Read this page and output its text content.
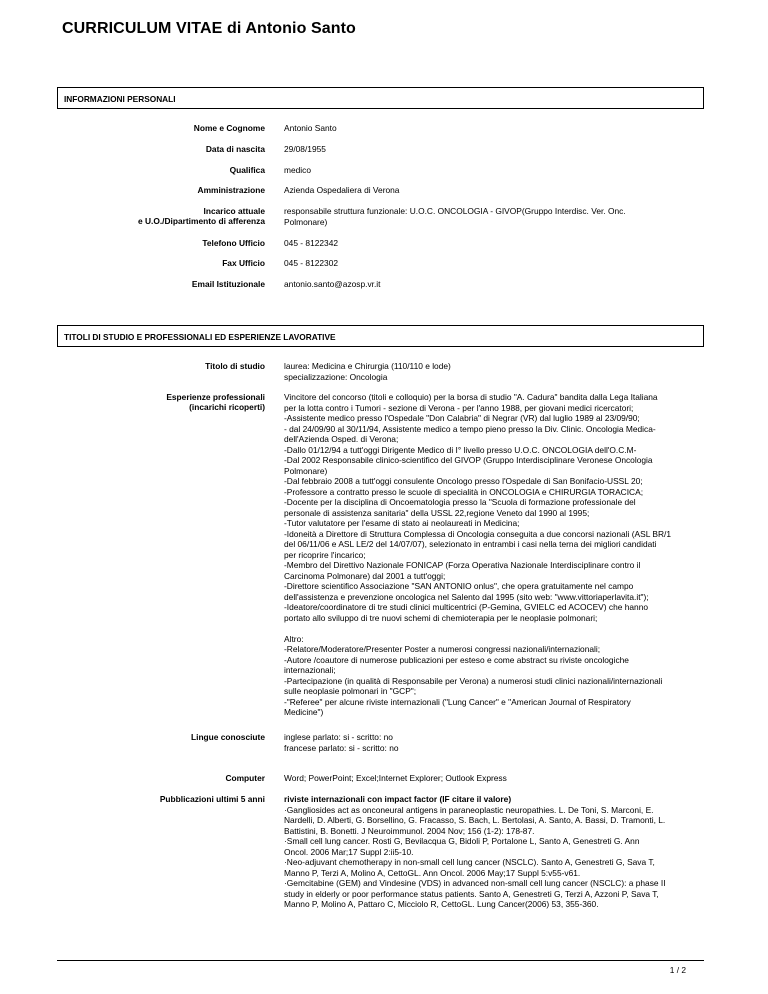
CURRICULUM VITAE di Antonio Santo
INFORMAZIONI PERSONALI
Nome e Cognome Antonio Santo
Data di nascita 29/08/1955
Qualifica medico
Amministrazione Azienda Ospedaliera di Verona
Incarico attuale
e U.O./Dipartimento di afferenza
responsabile struttura funzionale: U.O.C. ONCOLOGIA - GIVOP(Gruppo Interdisc. Ver. Onc.
Polmonare)
Telefono Ufficio 045 - 8122342
Fax Ufficio 045 - 8122302
Email Istituzionale antonio.santo@azosp.vr.it
TITOLI DI STUDIO E PROFESSIONALI ED ESPERIENZE LAVORATIVE
Titolo di studio laurea: Medicina e Chirurgia (110/110 e lode)
specializzazione: Oncologia
Esperienze professionali
(incarichi ricoperti)
Vincitore del concorso (titoli e colloquio) per la borsa di studio "A. Cadura" bandita dalla Lega Italiana
per la lotta contro i Tumori - sezione di Verona - per l'anno 1988, per giovani medici ricercatori;
-Assistente medico presso l'Ospedale "Don Calabria" di Negrar (VR) dal luglio 1989 al 23/09/90;
- dal 24/09/90 al 30/11/94, Assistente medico a tempo pieno presso la Div. Clinic. Oncologia Medica-
dell'Azienda Osped. di Verona;
-Dallo 01/12/94 a tutt'oggi Dirigente Medico di I° livello presso U.O.C. ONCOLOGIA dell'O.C.M-
-Dal 2002 Responsabile clinico-scientifico del GIVOP (Gruppo Interdisciplinare Veronese Oncologia
Polmonare)
-Dal febbraio 2008 a tutt'oggi consulente Oncologo presso l'Ospedale di San Bonifacio-USSL 20;
-Professore a contratto presso le scuole di specialità in ONCOLOGIA e CHIRURGIA TORACICA;
-Docente per la disciplina di Oncoematologia presso la "Scuola di formazione professionale del
personale di assistenza sanitaria" della USSL 22,regione Veneto dal 1990 al 1995;
-Tutor valutatore per l'esame di stato ai neolaureati in Medicina;
-Idoneità a Direttore di Struttura Complessa di Oncologia conseguita a due concorsi nazionali (ASL BR/1
del 06/11/06 e ASL LE/2 del 14/07/07), selezionato in entrambi i casi nella terna dei migliori candidati
per ricoprire l'incarico;
-Membro del Direttivo Nazionale FONICAP (Forza Operativa Nazionale Interdisciplinare contro il
Carcinoma Polmonare) dal 2001 a tutt'oggi;
-Direttore scientifico Associazione "SAN ANTONIO onlus", che opera gratuitamente nel campo
dell'assistenza e prevenzione oncologica nel Salento dal 1995 (sito web: "www.vittoriaperlavita.it");
-Ideatore/coordinatore di tre studi clinici multicentrici (P-Gemina, GVIELC ed ACOCEV) che hanno
portato allo sviluppo di tre nuovi schemi di chemioterapia per le neoplasie polmonari;

Altro:
-Relatore/Moderatore/Presenter Poster a numerosi congressi nazionali/internazionali;
-Autore /coautore di numerose publicazioni per esteso e come abstract su riviste oncologiche
internazionali;
-Partecipazione (in qualità di Responsabile per Verona) a numerosi studi clinici nazionali/internazionali
sulle neoplasie polmonari in "GCP";
-"Referee" per alcune riviste internazionali ("Lung Cancer" e "American Journal of Respiratory
Medicine")
Lingue conosciute inglese parlato: si - scritto: no
francese parlato: si - scritto: no
Computer Word; PowerPoint; Excel;Internet Explorer; Outlook Express
Pubblicazioni ultimi 5 anni riviste internazionali con impact factor (IF citare il valore)
·Gangliosides act as onconeural antigens in paraneoplastic neuropathies. L. De Toni, S. Marconi, E.
Nardelli, D. Alberti, G. Borsellino, G. Fracasso, S. Bach, L. Bertolasi, A. Santo, A. Bassi, D. Tramonti, L.
Battistini, B. Bonetti. J Neuroimmunol. 2004 Nov; 156 (1-2): 178-87.
·Small cell lung cancer. Rosti G, Bevilacqua G, Bidoli P, Portalone L, Santo A, Genestreti G. Ann
Oncol. 2006 Mar;17 Suppl 2:ii5-10.
·Neo-adjuvant chemotherapy in non-small cell lung cancer (NSCLC). Santo A, Genestreti G, Sava T,
Manno P, Terzi A, Molino A, CettoGL. Ann Oncol. 2006 May;17 Suppl 5:v55-v61.
·Gemcitabine (GEM) and Vindesine (VDS) in advanced non-small cell lung cancer (NSCLC): a phase II
study in elderly or poor performance status patients. Santo A, Genestreti G, Terzi A, Azzoni P, Sava T,
Manno P, Molino A, Pattaro C, Micciolo R, CettoGL. Lung Cancer(2006) 53, 355-360.
1 / 2
